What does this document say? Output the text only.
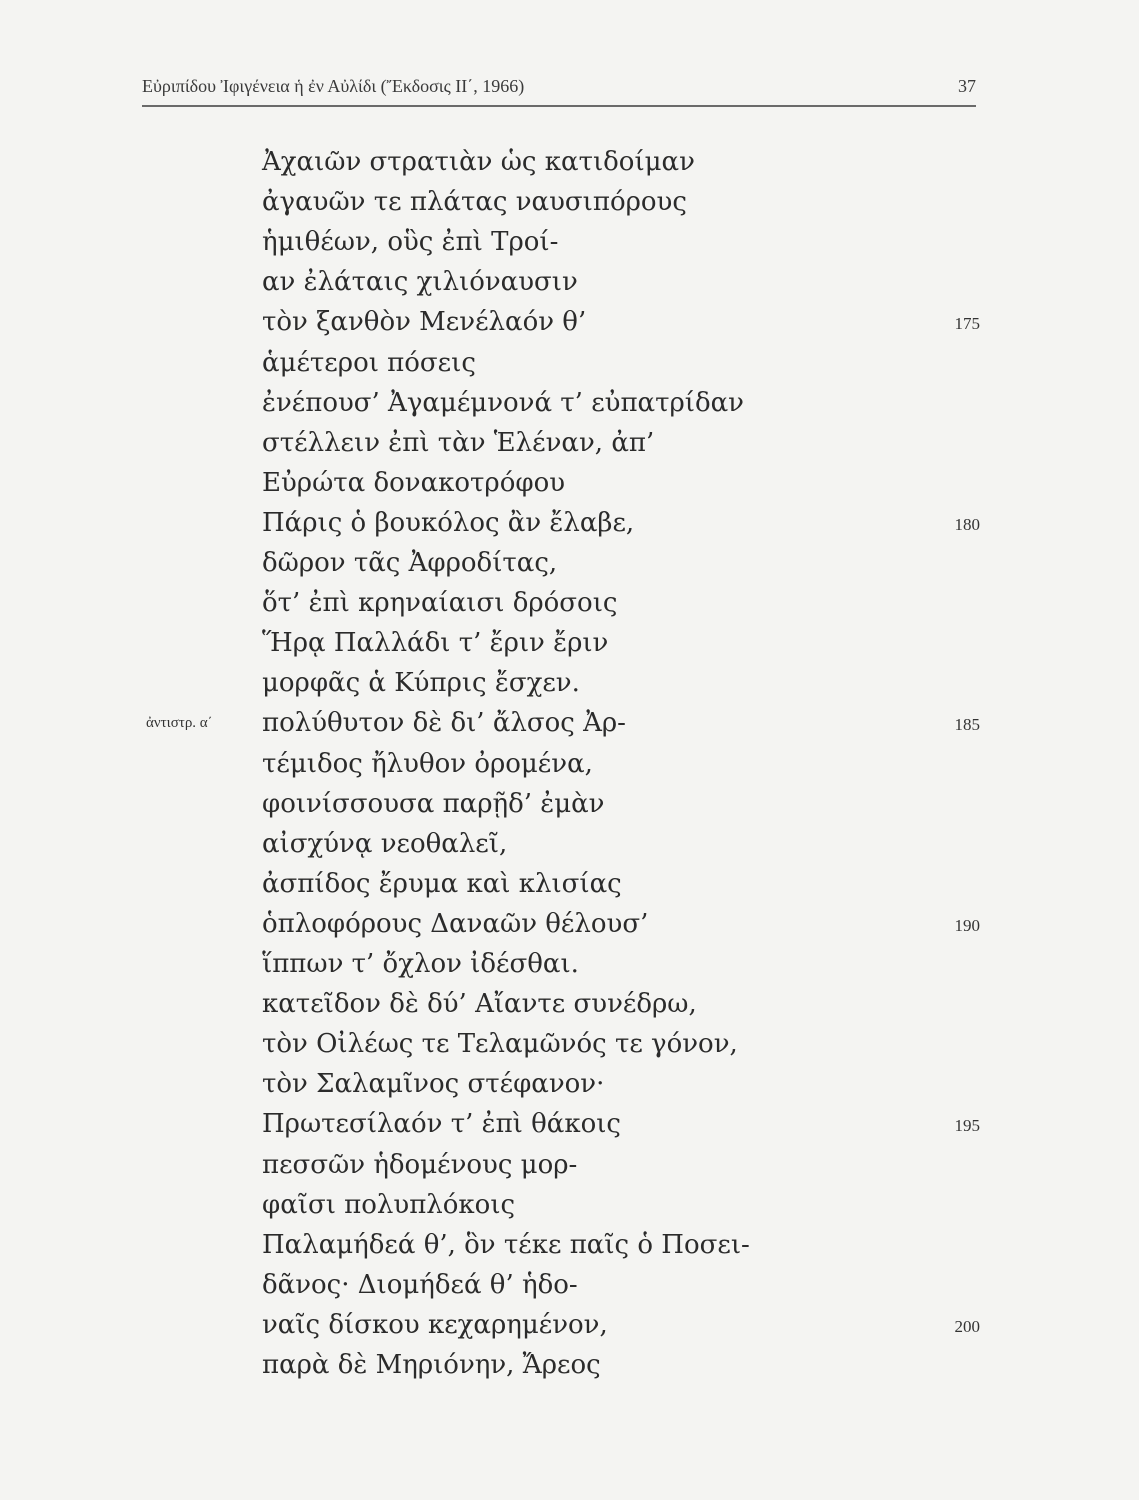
Εὐριπίδου Ἰφιγένεια ἡ ἐν Αὐλίδι (Ἔκδοσις ΙΙ΄, 1966)	37
Ἀχαιῶν στρατιὰν ὡς κατιδοίμαν
ἀγαυῶν τε πλάτας ναυσιπόρους
ἡμιθέων, οὓς ἐπὶ Τροί-
αν ἐλάταις χιλιόναυσιν
τὸν ξανθὸν Μενέλαόν θ’	175
ἁμέτεροι πόσεις
ἐνέπουσ’ Ἀγαμέμνονά τ’ εὐπατρίδαν
στέλλειν ἐπὶ τὰν Ἑλέναν, ἀπ’
Εὐρώτα δονακοτρόφου
Πάρις ὁ βουκόλος ἂν ἔλαβε,	180
δῶρον τᾶς Ἀφροδίτας,
ὅτ’ ἐπὶ κρηναίαισι δρόσοις
Ἥρᾳ Παλλάδι τ’ ἔριν ἔριν
μορφᾶς ἁ Κύπρις ἔσχεν.
πολύθυτον δὲ δι’ ἄλσος Ἀρ-
ἀντιστρ. α΄	185
τέμιδος ἤλυθον ὀρομένα,
φοινίσσουσα παρῇδ’ ἐμὰν
αἰσχύνᾳ νεοθαλεῖ,
ἀσπίδος ἔρυμα καὶ κλισίας
ὁπλοφόρους Δαναῶν θέλουσ’	190
ἵππων τ’ ὄχλον ἰδέσθαι.
κατεῖδον δὲ δύ’ Αἴαντε συνέδρω,
τὸν Οἰλέως τε Τελαμῶνός τε γόνον,
τὸν Σαλαμῖνος στέφανον·
Πρωτεσίλαόν τ’ ἐπὶ θάκοις	195
πεσσῶν ἡδομένους μορ-
φαῖσι πολυπλόκοις
Παλαμήδεά θ’, ὃν τέκε παῖς ὁ Ποσει-
δᾶνος· Διομήδεά θ’ ἡδο-
ναῖς δίσκου κεχαρημένον,	200
παρὰ δὲ Μηριόνην, Ἄρεος
